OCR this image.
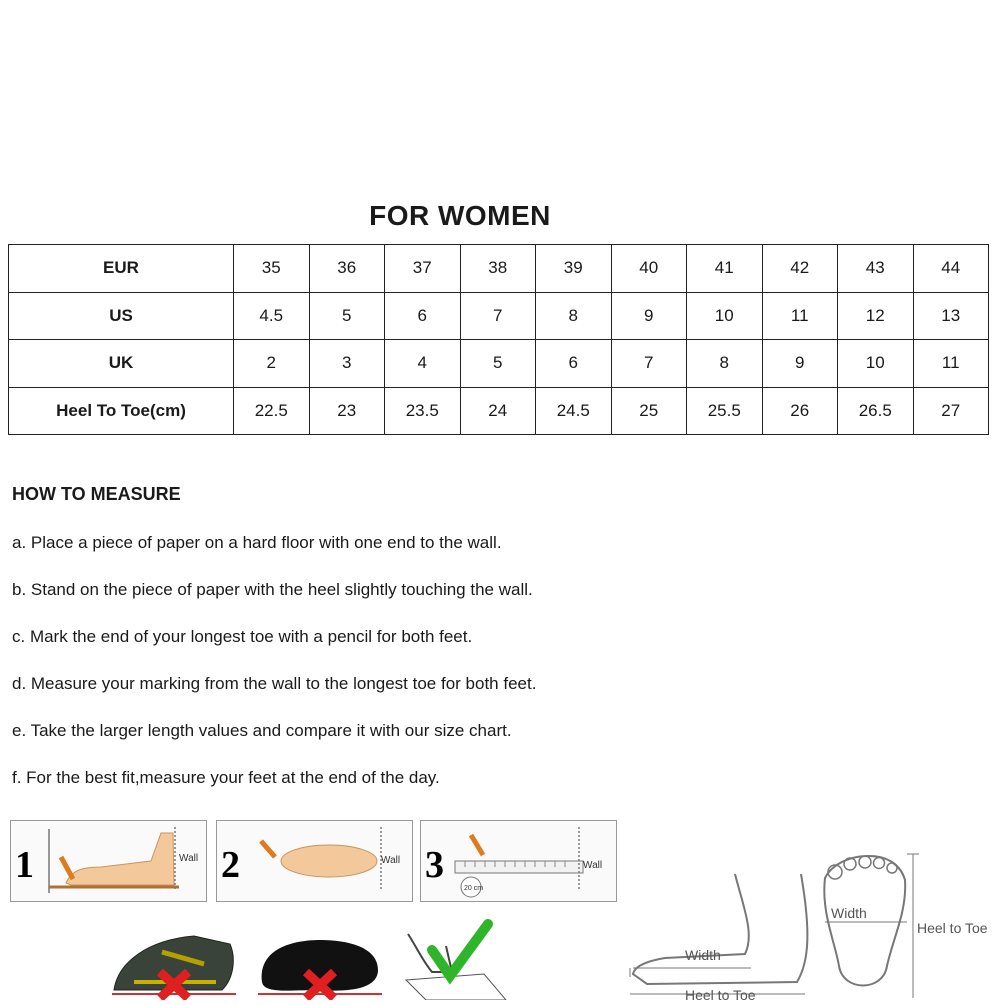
FOR WOMEN
EUR	35	36	37	38	39	40	41	42	43	44
US	4.5	5	6	7	8	9	10	11	12	13
UK	2	3	4	5	6	7	8	9	10	11
Heel To Toe(cm)	22.5	23	23.5	24	24.5	25	25.5	26	26.5	27
HOW TO MEASURE
a. Place a piece of paper on a hard floor with one end to the wall.
b. Stand on the piece of paper with the heel slightly touching the wall.
c. Mark the end of your longest toe with a pencil for both feet.
d. Measure your marking from the wall to the longest toe for both feet.
e. Take the larger length values and compare it with our size chart.
f. For the best fit,measure your feet at the end of the day.
1	Wall 2	Wall 3	Wall
20 cm
Width
Heel to Toe
Width
Heel to Toe
